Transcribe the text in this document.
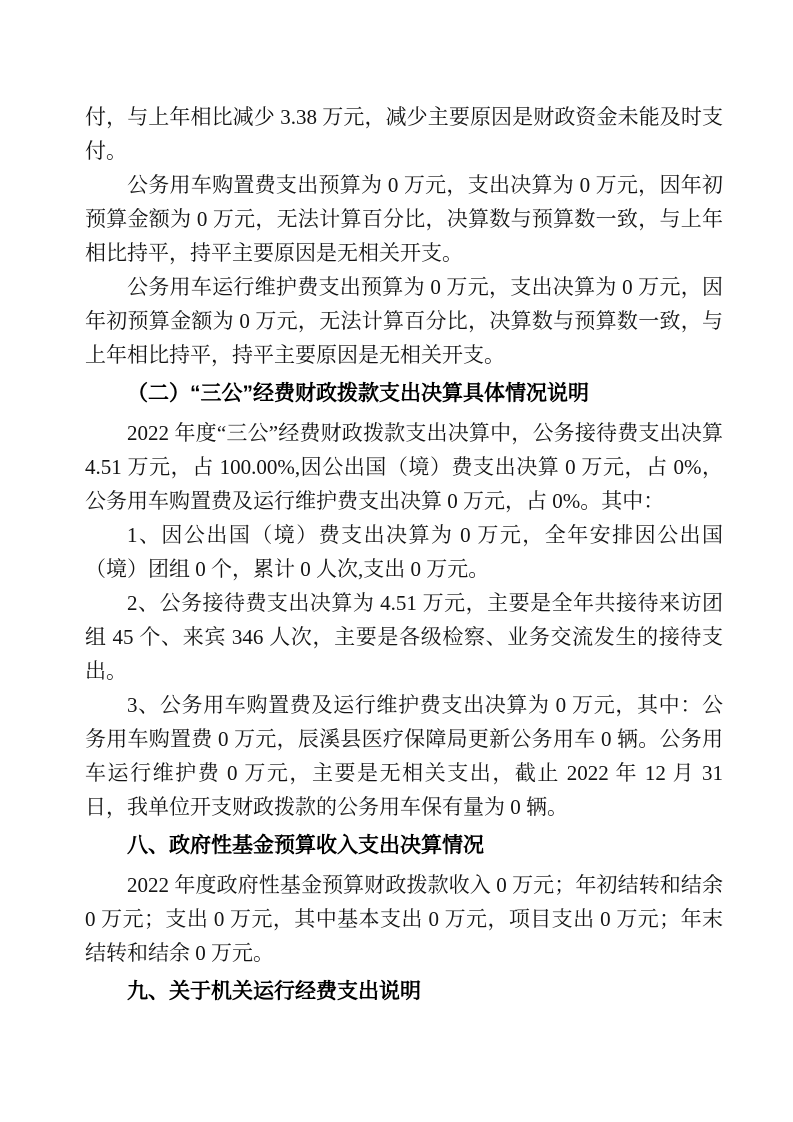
付，与上年相比减少 3.38 万元，减少主要原因是财政资金未能及时支付。

公务用车购置费支出预算为 0 万元，支出决算为 0 万元，因年初预算金额为 0 万元，无法计算百分比，决算数与预算数一致，与上年相比持平，持平主要原因是无相关开支。

公务用车运行维护费支出预算为 0 万元，支出决算为 0 万元，因年初预算金额为 0 万元，无法计算百分比，决算数与预算数一致，与上年相比持平，持平主要原因是无相关开支。

（二）“三公”经费财政拨款支出决算具体情况说明

2022 年度“三公”经费财政拨款支出决算中，公务接待费支出决算 4.51 万元，占 100.00%,因公出国（境）费支出决算 0 万元，占 0%，公务用车购置费及运行维护费支出决算 0 万元，占 0%。其中：

1、因公出国（境）费支出决算为 0 万元，全年安排因公出国（境）团组 0 个，累计 0 人次,支出 0 万元。

2、公务接待费支出决算为 4.51 万元，主要是全年共接待来访团组 45 个、来宾 346 人次，主要是各级检察、业务交流发生的接待支出。

3、公务用车购置费及运行维护费支出决算为 0 万元，其中：公务用车购置费 0 万元，辰溪县医疗保障局更新公务用车 0 辆。公务用车运行维护费 0 万元，主要是无相关支出，截止 2022 年 12 月 31 日，我单位开支财政拨款的公务用车保有量为 0 辆。

八、政府性基金预算收入支出决算情况

2022 年度政府性基金预算财政拨款收入 0 万元；年初结转和结余 0 万元；支出 0 万元，其中基本支出 0 万元，项目支出 0 万元；年末结转和结余 0 万元。

九、关于机关运行经费支出说明
